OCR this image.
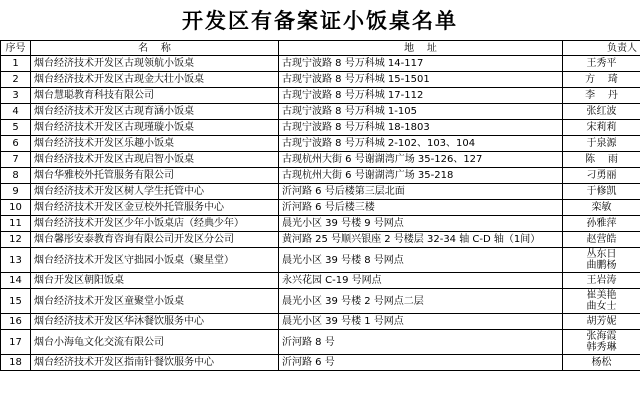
开发区有备案证小饭桌名单
序号	名    称	地    址	负责人
1	烟台经济技术开发区古现领航小饭桌	古现宁波路 8 号万科城 14-117	王秀平
2	烟台经济技术开发区古现金大壮小饭桌	古现宁波路 8 号万科城 15-1501	方    琦
3	烟台慧聪教育科技有限公司	古现宁波路 8 号万科城 17-112	李    丹
4	烟台经济技术开发区古现育涵小饭桌	古现宁波路 8 号万科城 1-105	张红波
5	烟台经济技术开发区古现瑾璇小饭桌	古现宁波路 8 号万科城 18-1803	宋莉莉
6	烟台经济技术开发区乐趣小饭桌	古现宁波路 8 号万科城 2-102、103、104	于泉源
7	烟台经济技术开发区古现启智小饭桌	古现杭州大街 6 号谢湖湾广场 35-126、127	陈    雨
8	烟台华雅校外托管服务有限公司	古现杭州大街 6 号谢湖湾广场 35-218	刁勇丽
9	烟台经济技术开发区树人学生托管中心	沂河路 6 号后楼第三层北面	于修凯
10	烟台经济技术开发区金豆校外托管服务中心	沂河路 6 号后楼三楼	栾敏
11	烟台经济技术开发区少年小饭桌店（经典少年）	晨光小区 39 号楼 9 号网点	孙雅萍
12	烟台馨彤安泰教育咨询有限公司开发区分公司	黄河路 25 号顺兴银座 2 号楼层 32-34 轴 C-D 轴（1间）	赵营皓
13	烟台经济技术开发区守拙园小饭桌（聚星堂）	晨光小区 39 号楼 8 号网点	丛东日
曲鹏杨
14	烟台开发区朝阳饭桌	永兴花园 C-19 号网点	王岩涛
15	烟台经济技术开发区童聚堂小饭桌	晨光小区 39 号楼 2 号网点二层	崔美艳
曲女士
16	烟台经济技术开发区华沐餐饮服务中心	晨光小区 39 号楼 1 号网点	胡芳妮
17	烟台小海龟文化交流有限公司	沂河路 8 号	张海霞
韩秀琳
18	烟台经济技术开发区指南针餐饮服务中心	沂河路 6 号	杨松
